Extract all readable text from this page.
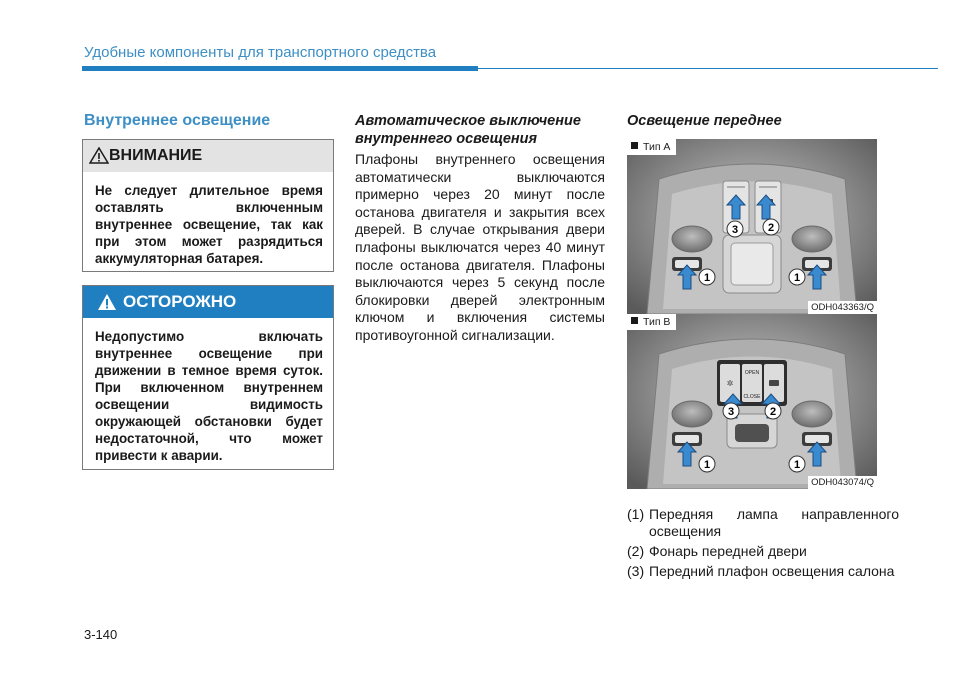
Удобные компоненты для транспортного средства
Внутреннее освещение
ВНИМАНИЕ
Не следует длительное время оставлять включенным внутреннее освещение, так как при этом может разрядиться аккумуляторная батарея.
ОСТОРОЖНО
Недопустимо включать внутреннее освещение при движении в темное время суток. При включенном внутреннем освещении видимость окружающей обстановки будет недостаточной, что может привести к аварии.
Автоматическое выключение внутреннего освещения
Плафоны внутреннего освещения автоматически выключаются примерно через 20 минут после останова двигателя и закрытия всех дверей. В случае открывания двери плафоны выключатся через 40 минут после останова двигателя. Плафоны выключаются через 5 секунд после блокировки дверей электронным ключом и включения системы противоугонной сигнализации.
Освещение переднее
3	2
1	1
Тип A
ODH043363/Q
OPEN
CLOSE
✲
3	2
1	1
Тип B
ODH043074/Q
(1) Передняя лампа направленного освещения
(2) Фонарь передней двери
(3) Передний плафон освещения салона
3-140
